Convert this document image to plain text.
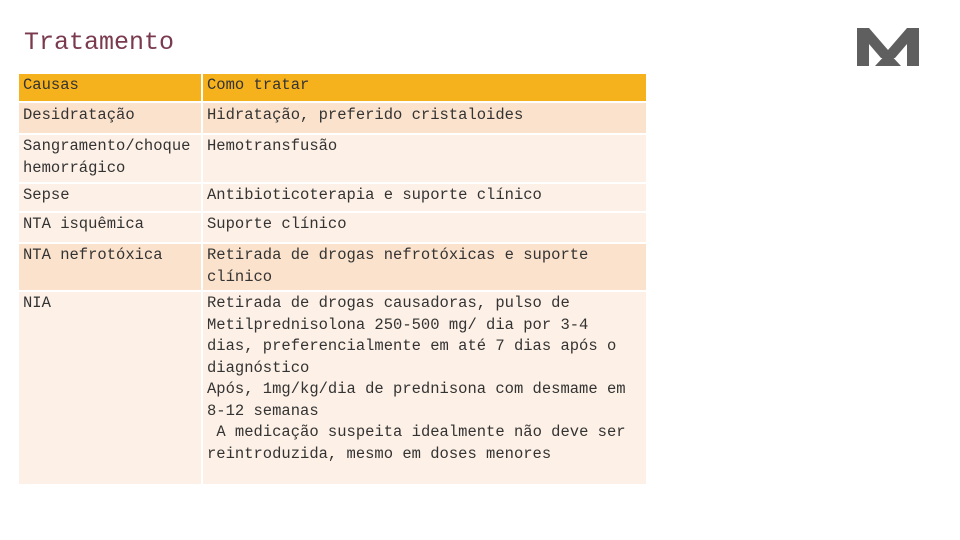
Tratamento
Causas	Como tratar
Desidratação	Hidratação, preferido cristaloides
Sangramento/choque hemorrágico	Hemotransfusão
Sepse	Antibioticoterapia e suporte clínico
NTA isquêmica	Suporte clínico
NTA nefrotóxica	Retirada de drogas nefrotóxicas e suporte clínico
NIA	Retirada de drogas causadoras, pulso de Metilprednisolona 250-500 mg/ dia por 3-4 dias, preferencialmente em até 7 dias após o diagnóstico
Após, 1mg/kg/dia de prednisona com desmame em 8-12 semanas
A medicação suspeita idealmente não deve ser reintroduzida, mesmo em doses menores
